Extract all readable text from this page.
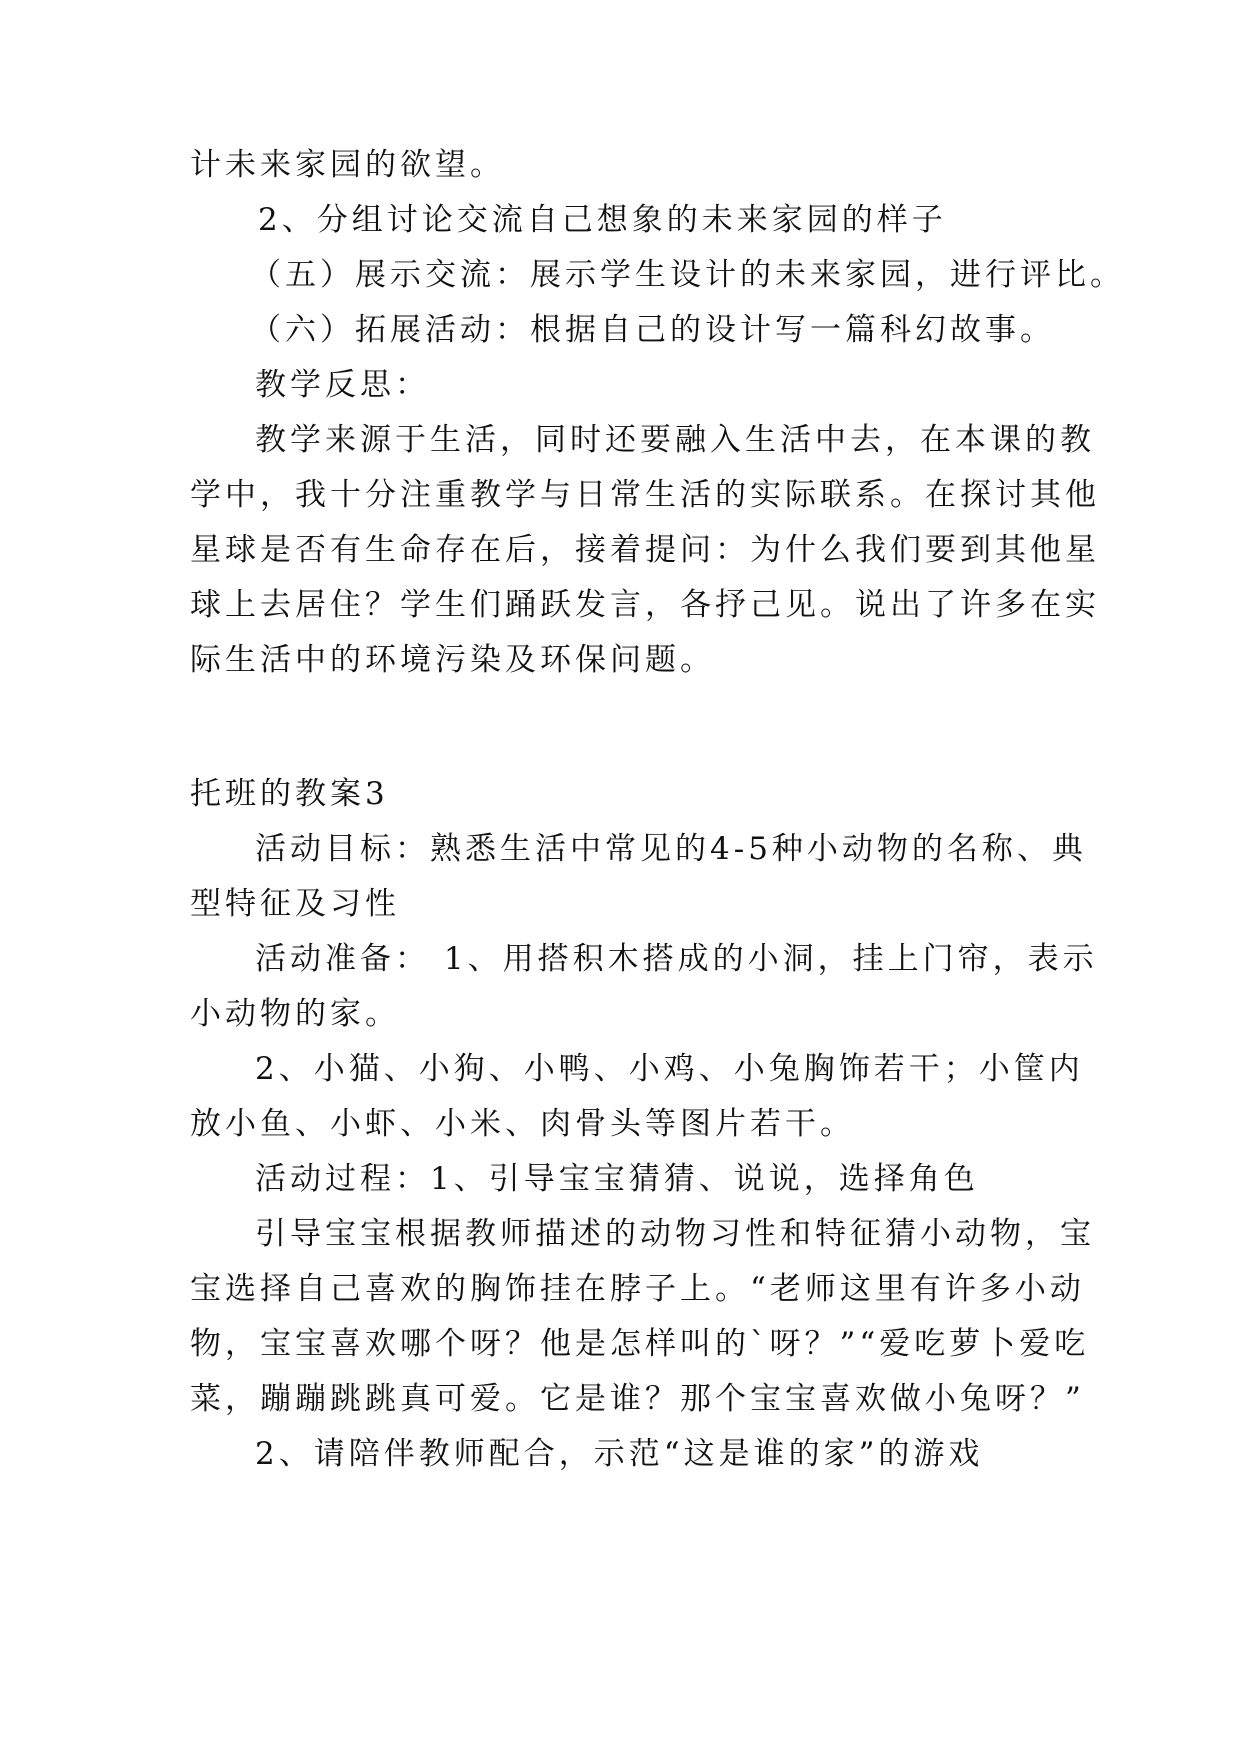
计未来家园的欲望。
2、分组讨论交流自己想象的未来家园的样子
（五）展示交流：展示学生设计的未来家园，进行评比。
（六）拓展活动：根据自己的设计写一篇科幻故事。
教学反思：
教学来源于生活，同时还要融入生活中去，在本课的教
学中，我十分注重教学与日常生活的实际联系。在探讨其他
星球是否有生命存在后，接着提问：为什么我们要到其他星
球上去居住？学生们踊跃发言，各抒己见。说出了许多在实
际生活中的环境污染及环保问题。
托班的教案3
活动目标：熟悉生活中常见的4-5种小动物的名称、典
型特征及习性
活动准备： 1、用搭积木搭成的小洞，挂上门帘，表示
小动物的家。
2、小猫、小狗、小鸭、小鸡、小兔胸饰若干；小筐内
放小鱼、小虾、小米、肉骨头等图片若干。
活动过程：1、引导宝宝猜猜、说说，选择角色
引导宝宝根据教师描述的动物习性和特征猜小动物，宝
宝选择自己喜欢的胸饰挂在脖子上。“老师这里有许多小动
物，宝宝喜欢哪个呀？他是怎样叫的`呀？”“爱吃萝卜爱吃
菜，蹦蹦跳跳真可爱。它是谁？那个宝宝喜欢做小兔呀？”
2、请陪伴教师配合，示范“这是谁的家”的游戏
